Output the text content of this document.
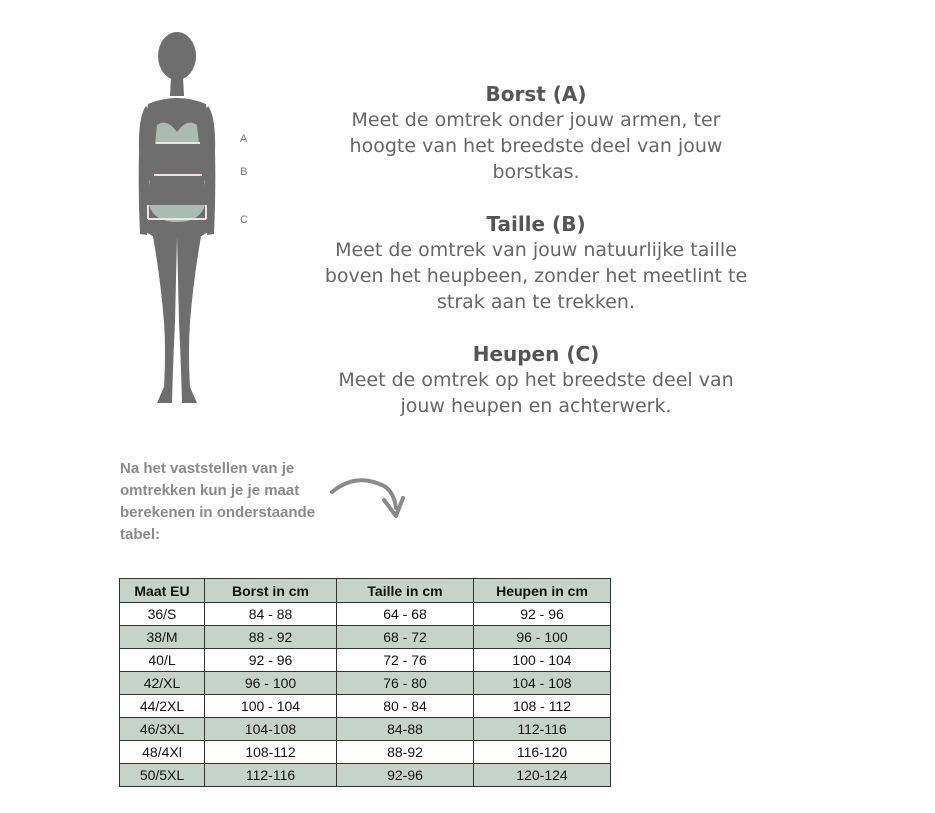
A
B
C
Borst (A)
Meet de omtrek onder jouw armen, ter
hoogte van het breedste deel van jouw
borstkas.
Taille (B)
Meet de omtrek van jouw natuurlijke taille
boven het heupbeen, zonder het meetlint te
strak aan te trekken.
Heupen (C)
Meet de omtrek op het breedste deel van
jouw heupen en achterwerk.
Na het vaststellen van je
omtrekken kun je je maat
berekenen in onderstaande
tabel:
Maat EU	Borst in cm	Taille in cm	Heupen in cm
36/S	84 - 88	64 - 68	92 - 96
38/M	88 - 92	68 - 72	96 - 100
40/L	92 - 96	72 - 76	100 - 104
42/XL	96 - 100	76 - 80	104 - 108
44/2XL	100 - 104	80 - 84	108 - 112
46/3XL	104-108	84-88	112-116
48/4Xl	108-112	88-92	116-120
50/5XL	112-116	92-96	120-124
